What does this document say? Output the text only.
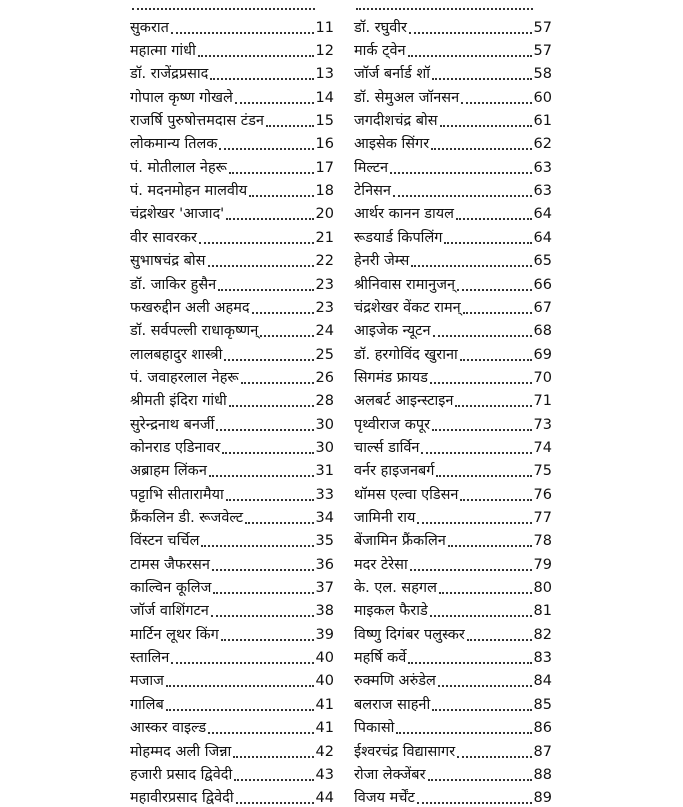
सुकरात	11
महात्मा गांधी	12
डॉ. राजेंद्रप्रसाद	13
गोपाल कृष्ण गोखले	14
राजर्षि पुरुषोत्तमदास टंडन	15
लोकमान्य तिलक	16
पं. मोतीलाल नेहरू	17
पं. मदनमोहन मालवीय	18
चंद्रशेखर 'आजाद'	20
वीर सावरकर	21
सुभाषचंद्र बोस	22
डॉ. जाकिर हुसैन	23
फखरुद्दीन अली अहमद	23
डॉ. सर्वपल्ली राधाकृष्णन्	24
लालबहादुर शास्त्री	25
पं. जवाहरलाल नेहरू	26
श्रीमती इंदिरा गांधी	28
सुरेन्द्रनाथ बनर्जी	30
कोनराड एडिनावर	30
अब्राहम लिंकन	31
पट्टाभि सीतारामैया	33
फ्रैंकलिन डी. रूजवेल्ट	34
विंस्टन चर्चिल	35
टामस जैफरसन	36
काल्विन कूलिज	37
जॉर्ज वाशिंगटन	38
मार्टिन लूथर किंग	39
स्तालिन	40
मजाज	40
गालिब	41
आस्कर वाइल्ड	41
मोहम्मद अली जिन्ना	42
हजारी प्रसाद द्विवेदी	43
महावीरप्रसाद द्विवेदी	44
डॉ. रघुवीर	57
मार्क ट्वेन	57
जॉर्ज बर्नार्ड शॉ	58
डॉ. सेमुअल जॉनसन	60
जगदीशचंद्र बोस	61
आइसेक सिंगर	62
मिल्टन	63
टेनिसन	63
आर्थर कानन डायल	64
रूडयार्ड किपलिंग	64
हेनरी जेम्स	65
श्रीनिवास रामानुजन्	66
चंद्रशेखर वेंकट रामन्	67
आइजेक न्यूटन	68
डॉ. हरगोविंद खुराना	69
सिगमंड फ्रायड	70
अलबर्ट आइन्स्टाइन	71
पृथ्वीराज कपूर	73
चार्ल्स डार्विन	74
वर्नर हाइजनबर्ग	75
थॉमस एल्वा एडिसन	76
जामिनी राय	77
बेंजामिन फ्रैंकलिन	78
मदर टेरेसा	79
के. एल. सहगल	80
माइकल फैराडे	81
विष्णु दिगंबर पलुस्कर	82
महर्षि कर्वे	83
रुक्मणि अरुंडेल	84
बलराज साहनी	85
पिकासो	86
ईश्वरचंद्र विद्यासागर	87
रोजा लेक्जेंबर	88
विजय मर्चेंट	89
